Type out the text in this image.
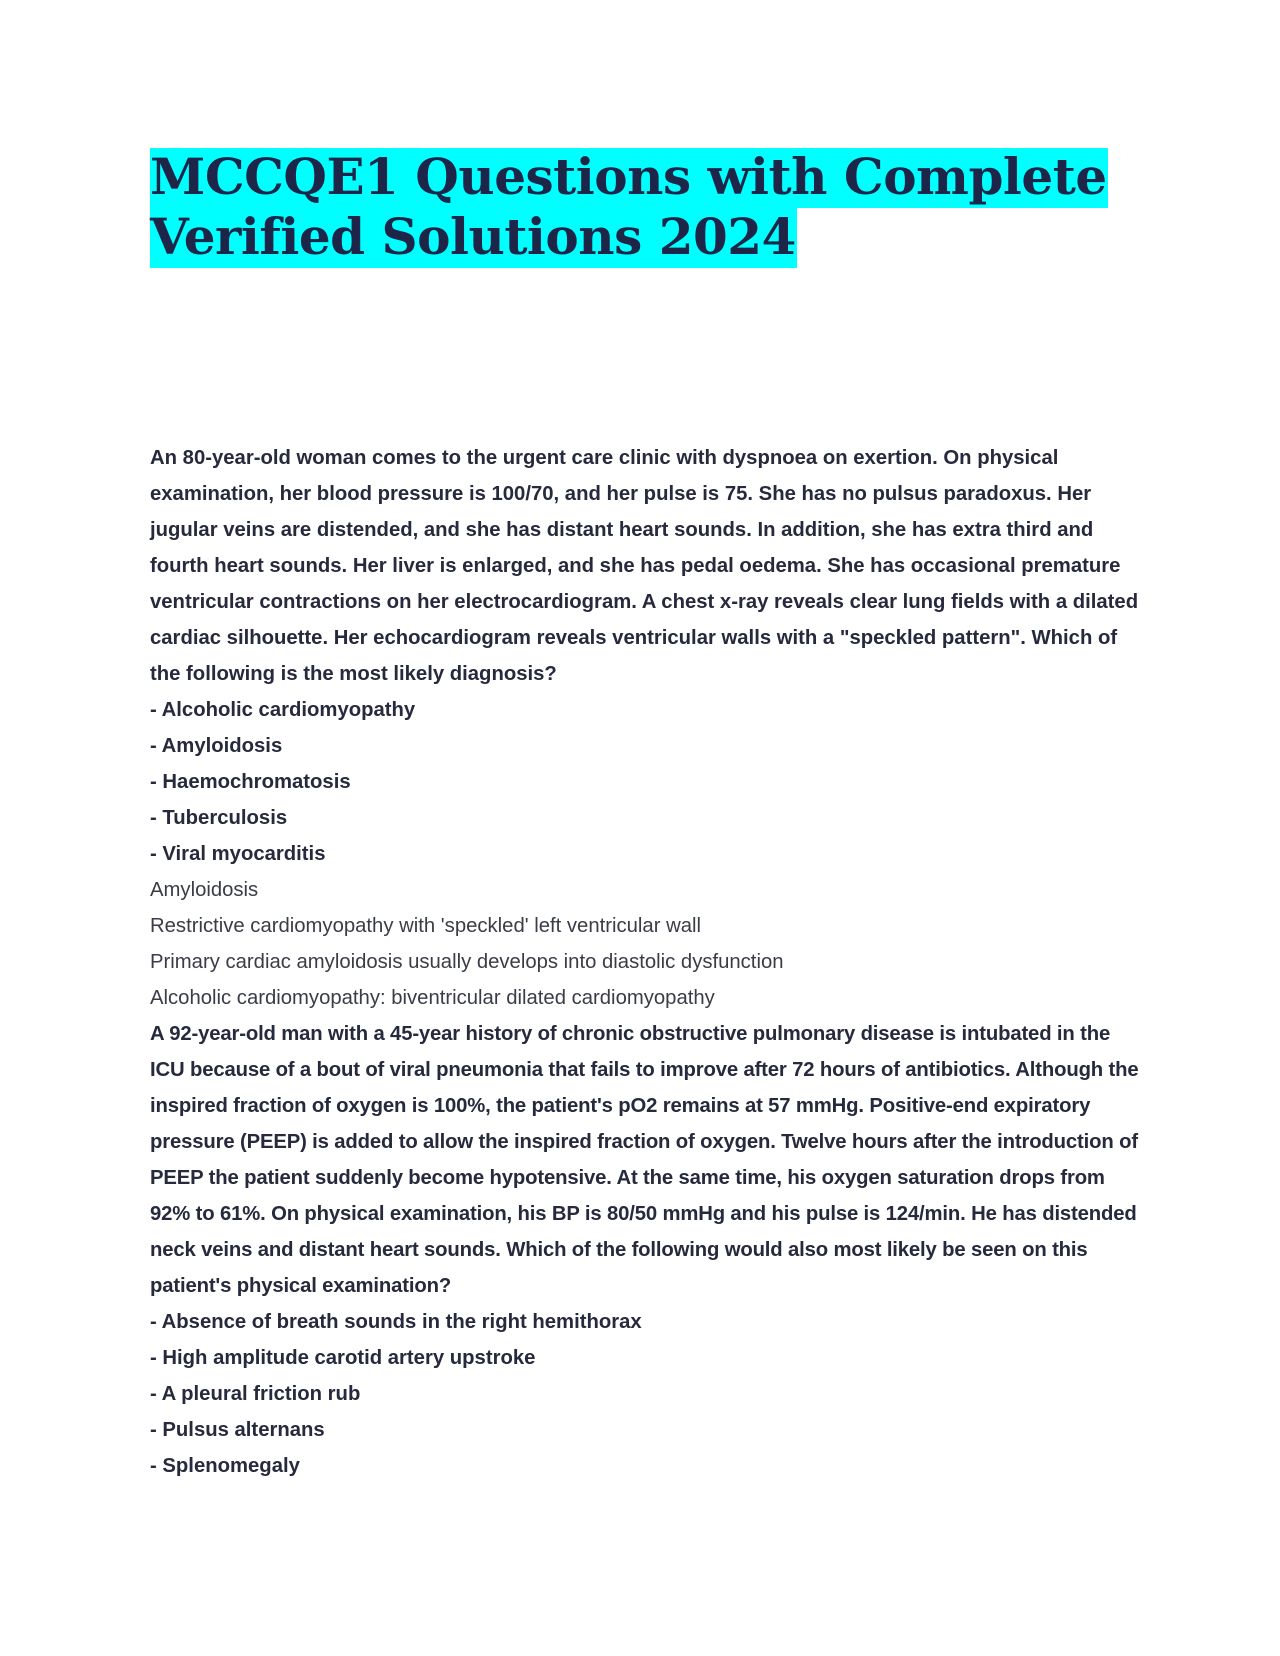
MCCQE1 Questions with Complete
Verified Solutions 2024

An 80-year-old woman comes to the urgent care clinic with dyspnoea on exertion. On physical examination, her blood pressure is 100/70, and her pulse is 75. She has no pulsus paradoxus. Her jugular veins are distended, and she has distant heart sounds. In addition, she has extra third and fourth heart sounds. Her liver is enlarged, and she has pedal oedema. She has occasional premature ventricular contractions on her electrocardiogram. A chest x-ray reveals clear lung fields with a dilated cardiac silhouette. Her echocardiogram reveals ventricular walls with a "speckled pattern". Which of the following is the most likely diagnosis?

- Alcoholic cardiomyopathy

- Amyloidosis

- Haemochromatosis

- Tuberculosis

- Viral myocarditis

Amyloidosis

Restrictive cardiomyopathy with 'speckled' left ventricular wall

Primary cardiac amyloidosis usually develops into diastolic dysfunction

Alcoholic cardiomyopathy: biventricular dilated cardiomyopathy

A 92-year-old man with a 45-year history of chronic obstructive pulmonary disease is intubated in the ICU because of a bout of viral pneumonia that fails to improve after 72 hours of antibiotics. Although the inspired fraction of oxygen is 100%, the patient's pO2 remains at 57 mmHg. Positive-end expiratory pressure (PEEP) is added to allow the inspired fraction of oxygen. Twelve hours after the introduction of PEEP the patient suddenly become hypotensive. At the same time, his oxygen saturation drops from 92% to 61%. On physical examination, his BP is 80/50 mmHg and his pulse is 124/min. He has distended neck veins and distant heart sounds. Which of the following would also most likely be seen on this patient's physical examination?

- Absence of breath sounds in the right hemithorax

- High amplitude carotid artery upstroke

- A pleural friction rub

- Pulsus alternans

- Splenomegaly
